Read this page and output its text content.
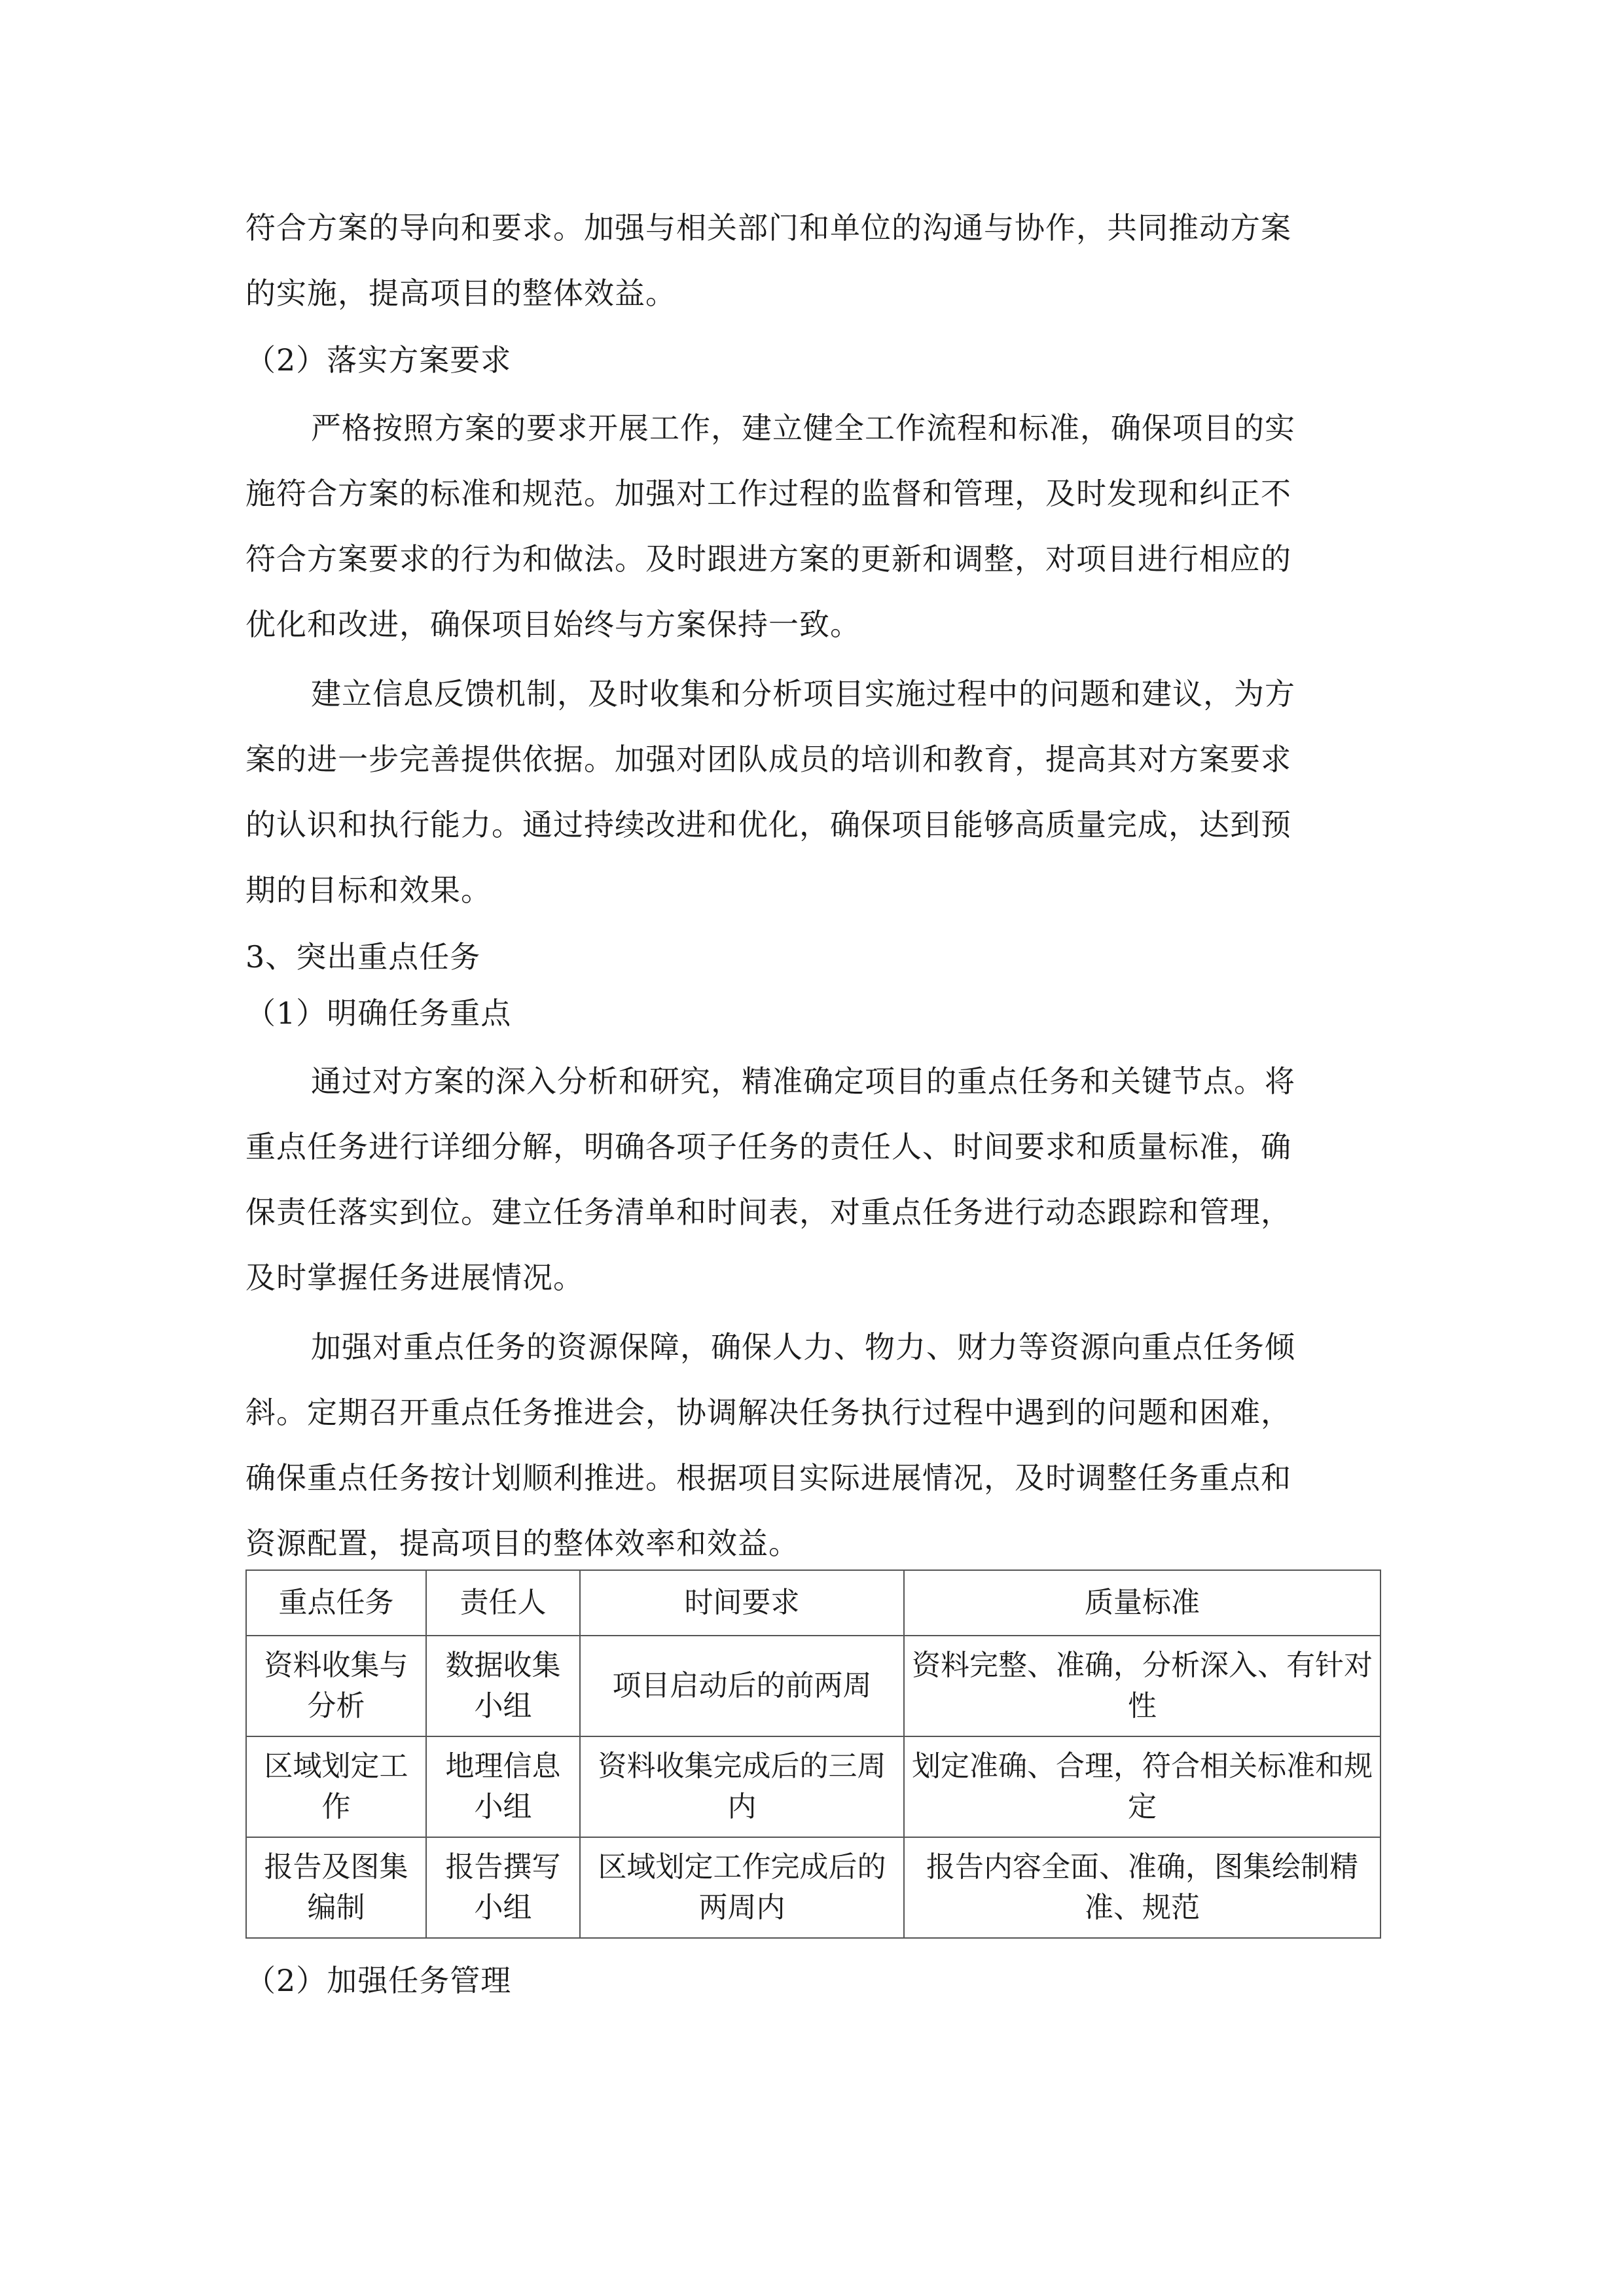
符合方案的导向和要求。加强与相关部门和单位的沟通与协作，共同推动方案
的实施，提高项目的整体效益。
（2）落实方案要求
严格按照方案的要求开展工作，建立健全工作流程和标准，确保项目的实
施符合方案的标准和规范。加强对工作过程的监督和管理，及时发现和纠正不
符合方案要求的行为和做法。及时跟进方案的更新和调整，对项目进行相应的
优化和改进，确保项目始终与方案保持一致。
建立信息反馈机制，及时收集和分析项目实施过程中的问题和建议，为方
案的进一步完善提供依据。加强对团队成员的培训和教育，提高其对方案要求
的认识和执行能力。通过持续改进和优化，确保项目能够高质量完成，达到预
期的目标和效果。
3、突出重点任务
（1）明确任务重点
通过对方案的深入分析和研究，精准确定项目的重点任务和关键节点。将
重点任务进行详细分解，明确各项子任务的责任人、时间要求和质量标准，确
保责任落实到位。建立任务清单和时间表，对重点任务进行动态跟踪和管理，
及时掌握任务进展情况。
加强对重点任务的资源保障，确保人力、物力、财力等资源向重点任务倾
斜。定期召开重点任务推进会，协调解决任务执行过程中遇到的问题和困难，
确保重点任务按计划顺利推进。根据项目实际进展情况，及时调整任务重点和
资源配置，提高项目的整体效率和效益。
重点任务	责任人	时间要求	质量标准
资料收集与分析	数据收集小组	项目启动后的前两周	资料完整、准确，分析深入、有针对性
区域划定工作	地理信息小组	资料收集完成后的三周内	划定准确、合理，符合相关标准和规定
报告及图集编制	报告撰写小组	区域划定工作完成后的两周内	报告内容全面、准确，图集绘制精准、规范
（2）加强任务管理
